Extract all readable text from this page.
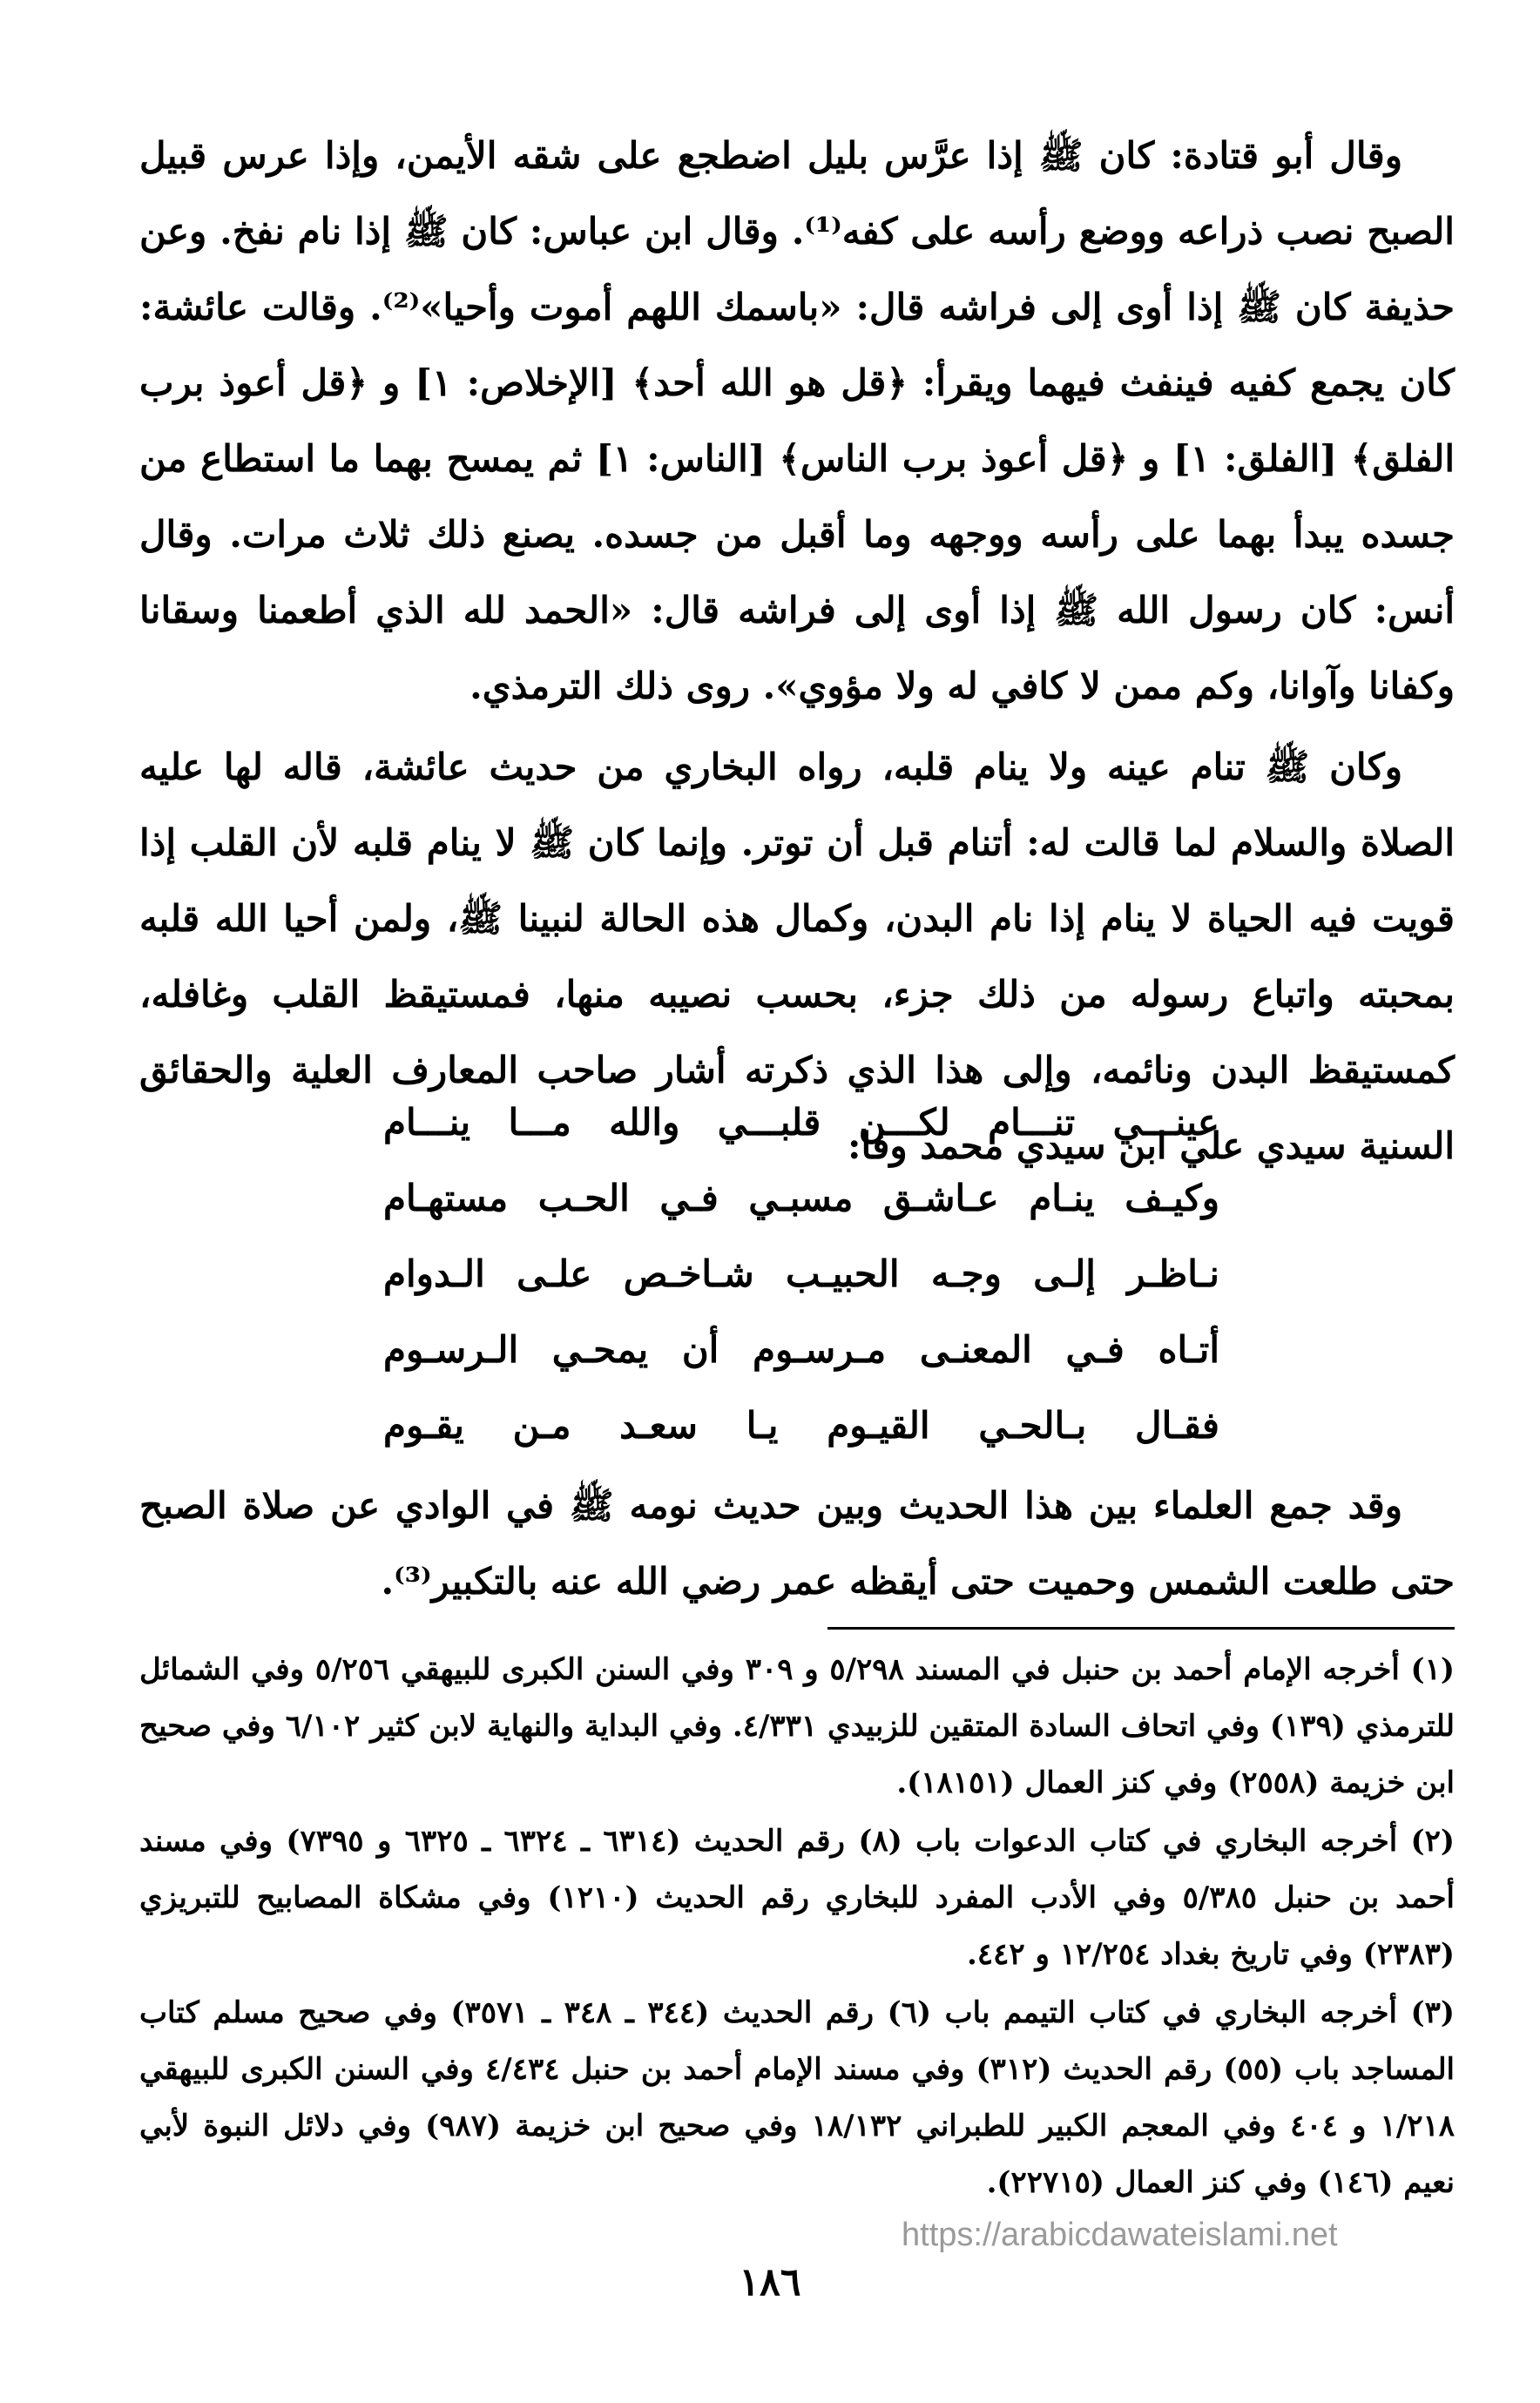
وقال أبو قتادة: كان ﷺ إذا عرَّس بليل اضطجع على شقه الأيمن، وإذا عرس قبيل الصبح نصب ذراعه ووضع رأسه على كفه⁽¹⁾. وقال ابن عباس: كان ﷺ إذا نام نفخ. وعن حذيفة كان ﷺ إذا أوى إلى فراشه قال: «باسمك اللهم أموت وأحيا»⁽²⁾. وقالت عائشة: كان يجمع كفيه فينفث فيهما ويقرأ: ﴿قل هو الله أحد﴾ [الإخلاص: ١] و ﴿قل أعوذ برب الفلق﴾ [الفلق: ١] و ﴿قل أعوذ برب الناس﴾ [الناس: ١] ثم يمسح بهما ما استطاع من جسده يبدأ بهما على رأسه ووجهه وما أقبل من جسده. يصنع ذلك ثلاث مرات. وقال أنس: كان رسول الله ﷺ إذا أوى إلى فراشه قال: «الحمد لله الذي أطعمنا وسقانا وكفانا وآوانا، وكم ممن لا كافي له ولا مؤوي». روى ذلك الترمذي.

وكان ﷺ تنام عينه ولا ينام قلبه، رواه البخاري من حديث عائشة، قاله لها عليه الصلاة والسلام لما قالت له: أتنام قبل أن توتر. وإنما كان ﷺ لا ينام قلبه لأن القلب إذا قويت فيه الحياة لا ينام إذا نام البدن، وكمال هذه الحالة لنبينا ﷺ، ولمن أحيا الله قلبه بمحبته واتباع رسوله من ذلك جزء، بحسب نصيبه منها، فمستيقظ القلب وغافله، كمستيقظ البدن ونائمه، وإلى هذا الذي ذكرته أشار صاحب المعارف العلية والحقائق السنية سيدي علي ابن سيدي محمد وفا:

عينـــي تنـــام لكـــن قلبـــي والله مـــا ينـــام
وكيـف ينـام عـاشـق مسبـي فـي الحـب مستهـام
نـاظـر إلـى وجـه الحبيـب شـاخـص علـى الـدوام
أتـاه فـي المعنـى مـرسـوم أن يمحـي الـرسـوم
فقـال بـالحـي القيـوم يـا سعـد مـن يقـوم

وقد جمع العلماء بين هذا الحديث وبين حديث نومه ﷺ في الوادي عن صلاة الصبح حتى طلعت الشمس وحميت حتى أيقظه عمر رضي الله عنه بالتكبير⁽³⁾.

(١) أخرجه الإمام أحمد بن حنبل في المسند ٥/٢٩٨ و ٣٠٩ وفي السنن الكبرى للبيهقي ٥/٢٥٦ وفي الشمائل للترمذي (١٣٩) وفي اتحاف السادة المتقين للزبيدي ٤/٣٣١. وفي البداية والنهاية لابن كثير ٦/١٠٢ وفي صحيح ابن خزيمة (٢٥٥٨) وفي كنز العمال (١٨١٥١).

(٢) أخرجه البخاري في كتاب الدعوات باب (٨) رقم الحديث (٦٣١٤ ـ ٦٣٢٤ ـ ٦٣٢٥ و ٧٣٩٥) وفي مسند أحمد بن حنبل ٥/٣٨٥ وفي الأدب المفرد للبخاري رقم الحديث (١٢١٠) وفي مشكاة المصابيح للتبريزي (٢٣٨٣) وفي تاريخ بغداد ١٢/٢٥٤ و ٤٤٢.

(٣) أخرجه البخاري في كتاب التيمم باب (٦) رقم الحديث (٣٤٤ ـ ٣٤٨ ـ ٣٥٧١) وفي صحيح مسلم كتاب المساجد باب (٥٥) رقم الحديث (٣١٢) وفي مسند الإمام أحمد بن حنبل ٤/٤٣٤ وفي السنن الكبرى للبيهقي ١/٢١٨ و ٤٠٤ وفي المعجم الكبير للطبراني ١٨/١٣٢ وفي صحيح ابن خزيمة (٩٨٧) وفي دلائل النبوة لأبي نعيم (١٤٦) وفي كنز العمال (٢٢٧١٥).

https://arabicdawateislami.net
١٨٦
